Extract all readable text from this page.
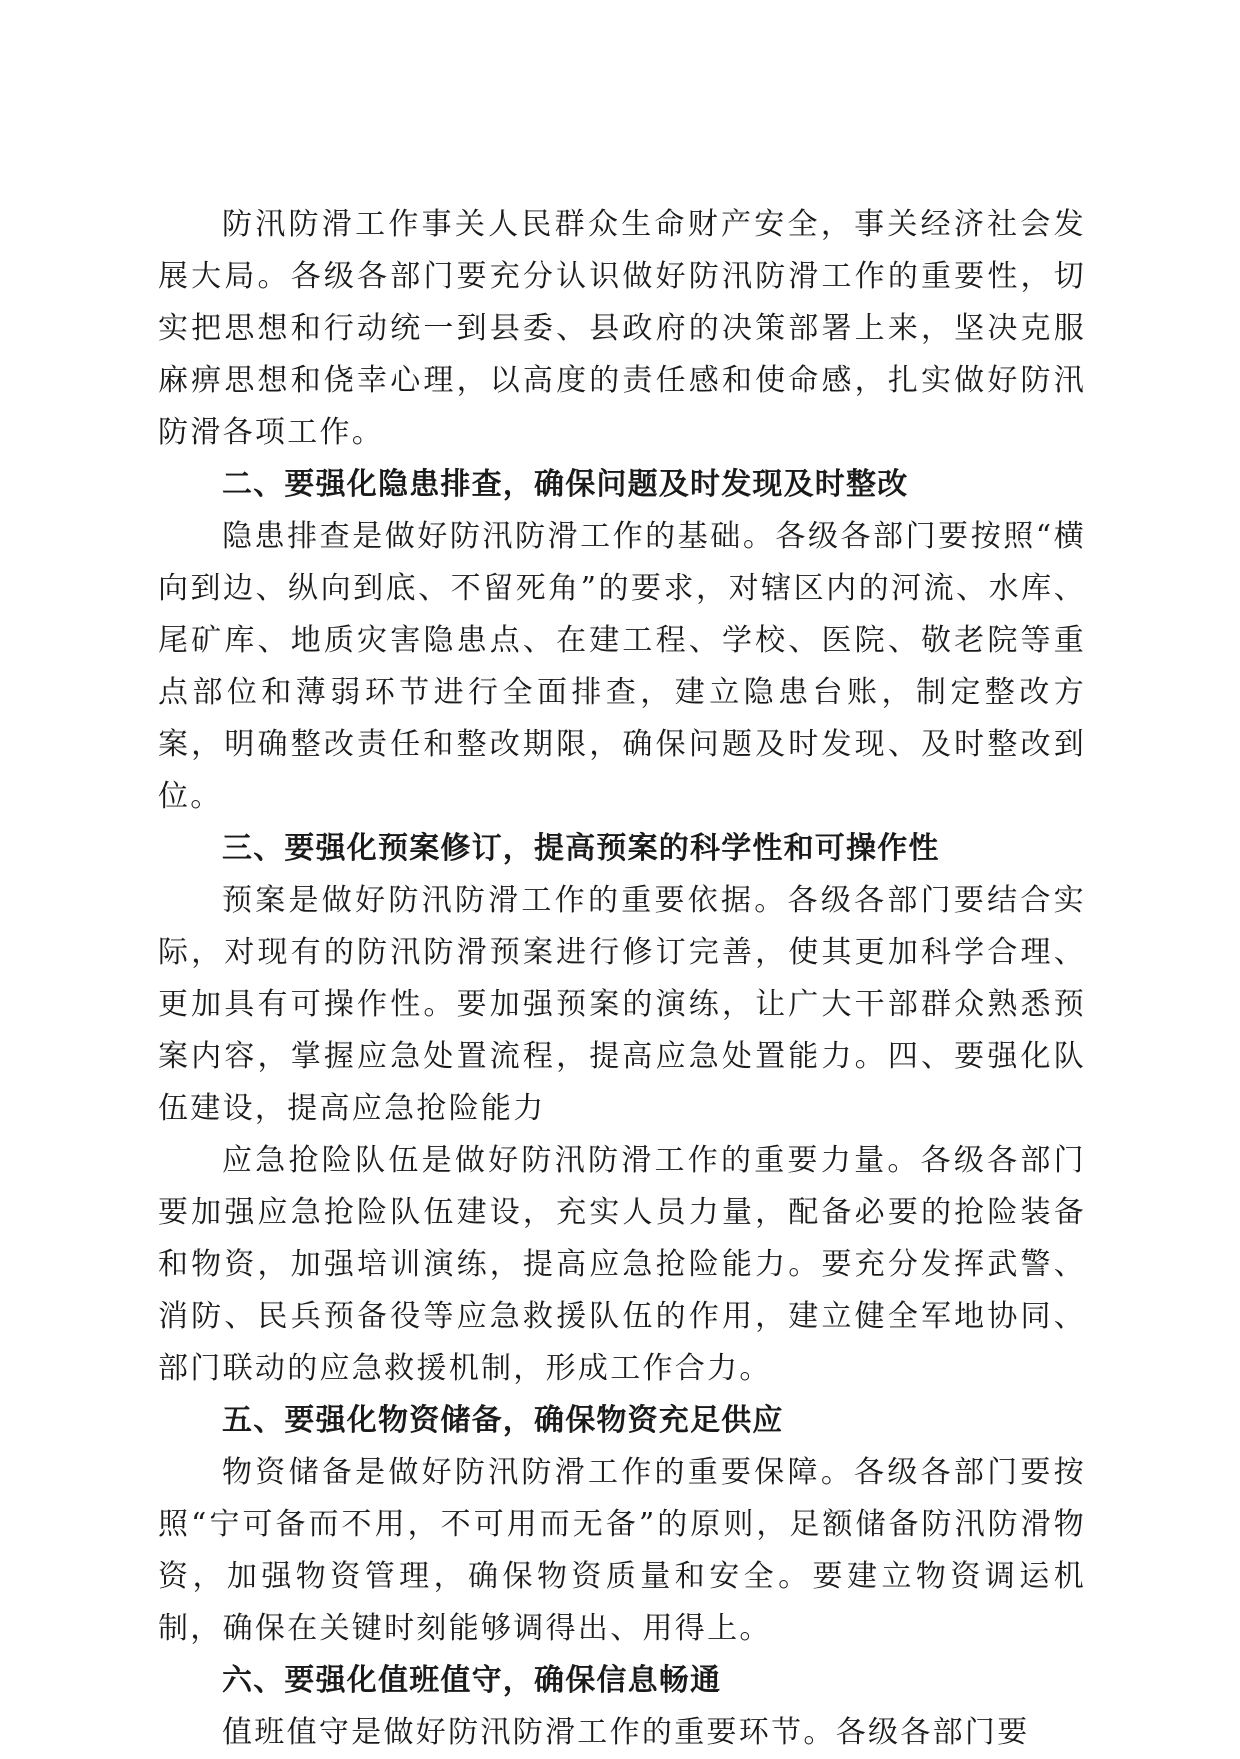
防汛防滑工作事关人民群众生命财产安全，事关经济社会发展大局。各级各部门要充分认识做好防汛防滑工作的重要性，切实把思想和行动统一到县委、县政府的决策部署上来，坚决克服麻痹思想和侥幸心理，以高度的责任感和使命感，扎实做好防汛防滑各项工作。

二、要强化隐患排查，确保问题及时发现及时整改

隐患排查是做好防汛防滑工作的基础。各级各部门要按照“横向到边、纵向到底、不留死角”的要求，对辖区内的河流、水库、尾矿库、地质灾害隐患点、在建工程、学校、医院、敬老院等重点部位和薄弱环节进行全面排查，建立隐患台账，制定整改方案，明确整改责任和整改期限，确保问题及时发现、及时整改到位。

三、要强化预案修订，提高预案的科学性和可操作性

预案是做好防汛防滑工作的重要依据。各级各部门要结合实际，对现有的防汛防滑预案进行修订完善，使其更加科学合理、更加具有可操作性。要加强预案的演练，让广大干部群众熟悉预案内容，掌握应急处置流程，提高应急处置能力。四、要强化队伍建设，提高应急抢险能力

应急抢险队伍是做好防汛防滑工作的重要力量。各级各部门要加强应急抢险队伍建设，充实人员力量，配备必要的抢险装备和物资，加强培训演练，提高应急抢险能力。要充分发挥武警、消防、民兵预备役等应急救援队伍的作用，建立健全军地协同、部门联动的应急救援机制，形成工作合力。

五、要强化物资储备，确保物资充足供应

物资储备是做好防汛防滑工作的重要保障。各级各部门要按照“宁可备而不用，不可用而无备”的原则，足额储备防汛防滑物资，加强物资管理，确保物资质量和安全。要建立物资调运机制，确保在关键时刻能够调得出、用得上。

六、要强化值班值守，确保信息畅通

值班值守是做好防汛防滑工作的重要环节。各级各部门要
